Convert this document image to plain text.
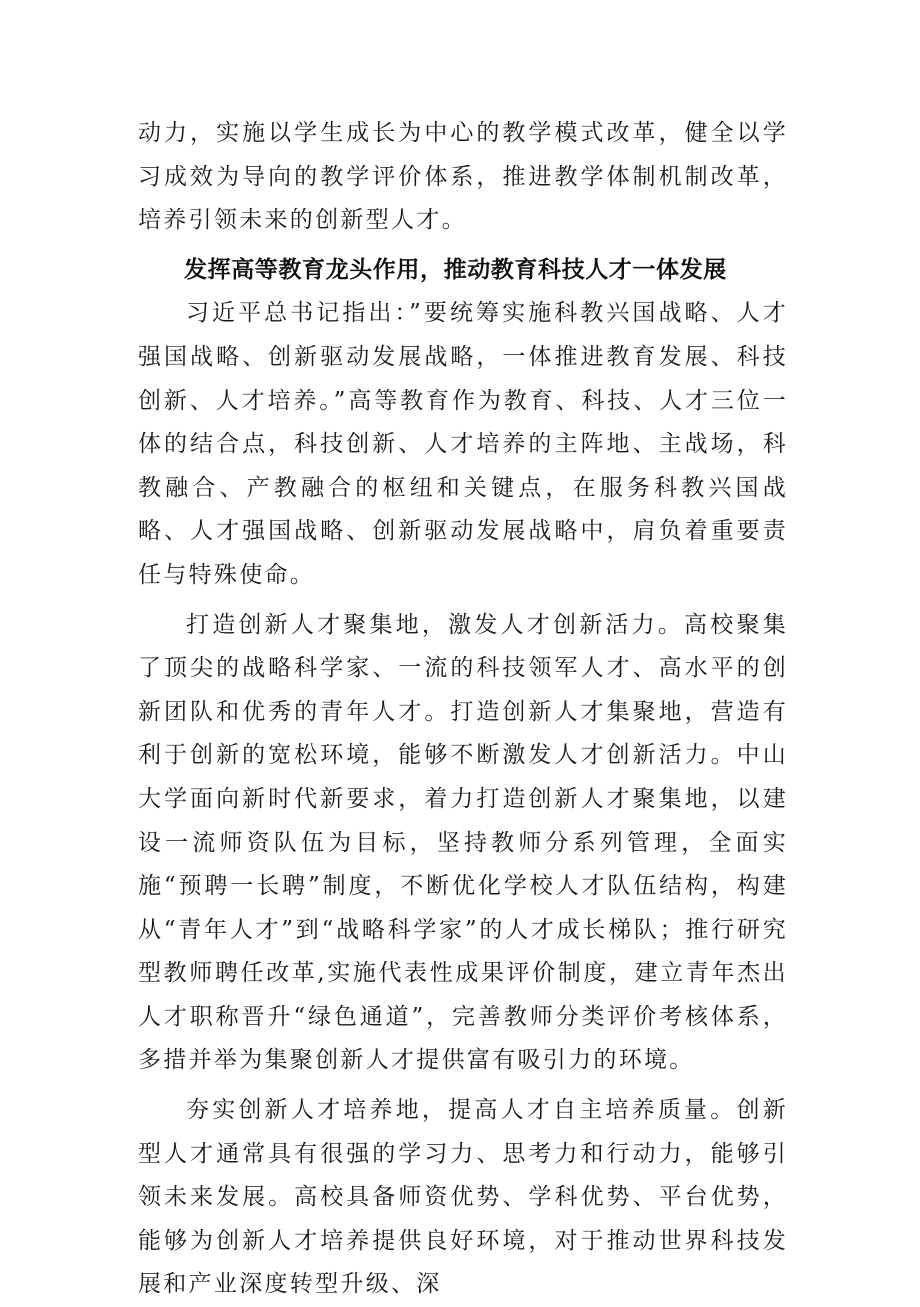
动力，实施以学生成长为中心的教学模式改革，健全以学习成效为导向的教学评价体系，推进教学体制机制改革，培养引领未来的创新型人才。

发挥高等教育龙头作用，推动教育科技人才一体发展

习近平总书记指出：”要统筹实施科教兴国战略、人才强国战略、创新驱动发展战略，一体推进教育发展、科技创新、人才培养。”高等教育作为教育、科技、人才三位一体的结合点，科技创新、人才培养的主阵地、主战场，科教融合、产教融合的枢纽和关键点，在服务科教兴国战略、人才强国战略、创新驱动发展战略中，肩负着重要责任与特殊使命。

打造创新人才聚集地，激发人才创新活力。高校聚集了顶尖的战略科学家、一流的科技领军人才、高水平的创新团队和优秀的青年人才。打造创新人才集聚地，营造有利于创新的宽松环境，能够不断激发人才创新活力。中山大学面向新时代新要求，着力打造创新人才聚集地，以建设一流师资队伍为目标，坚持教师分系列管理，全面实施“预聘一长聘”制度，不断优化学校人才队伍结构，构建从“青年人才”到“战略科学家”的人才成长梯队；推行研究型教师聘任改革,实施代表性成果评价制度，建立青年杰出人才职称晋升“绿色通道”，完善教师分类评价考核体系，多措并举为集聚创新人才提供富有吸引力的环境。

夯实创新人才培养地，提高人才自主培养质量。创新型人才通常具有很强的学习力、思考力和行动力，能够引领未来发展。高校具备师资优势、学科优势、平台优势，能够为创新人才培养提供良好环境，对于推动世界科技发展和产业深度转型升级、深
